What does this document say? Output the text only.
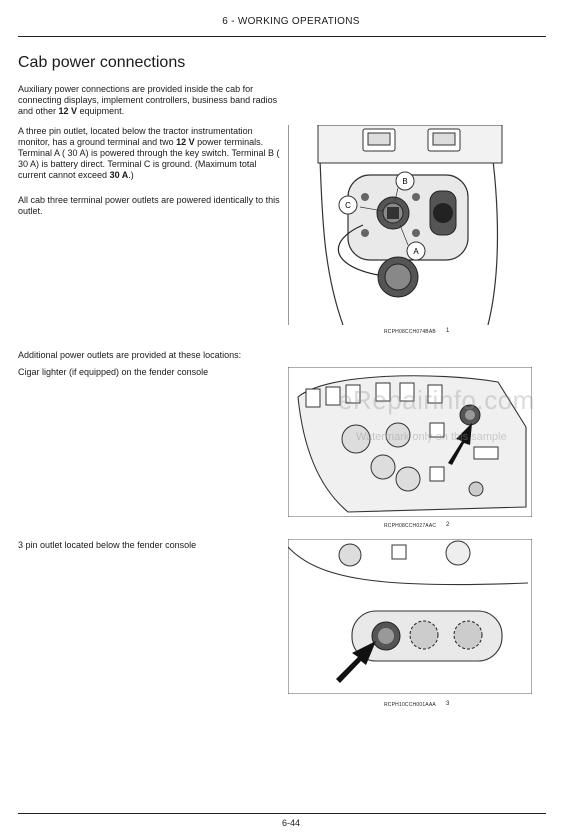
6 - WORKING OPERATIONS
Cab power connections

Auxiliary power connections are provided inside the cab for connecting displays, implement controllers, business band radios and other 12 V equipment.

A three pin outlet, located below the tractor instrumentation monitor, has a ground terminal and two 12 V power terminals. Terminal A ( 30 A) is powered through the key switch. Terminal B ( 30 A) is battery direct. Terminal C is ground. (Maximum total current cannot exceed 30 A.)

All cab three terminal power outlets are powered identically to this outlet.

Additional power outlets are provided at these locations:

Cigar lighter (if equipped) on the fender console

3 pin outlet located below the fender console

C
B
A
RCPH08CCH074BAB 1
RCPH08CCH027AAC 2
RCPH10CCH001AAA 3
eRepairinfo.com
Watermark only on this sample
6-44
